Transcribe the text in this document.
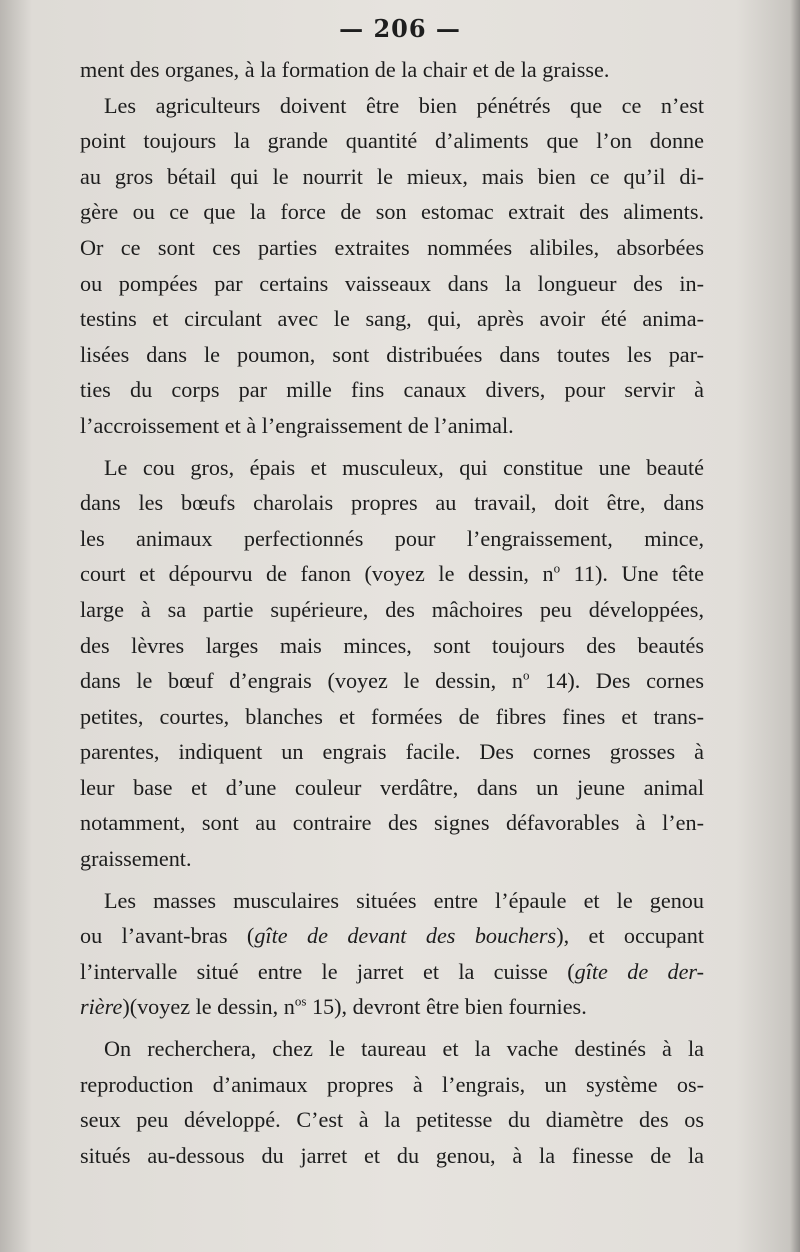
— 206 —
ment des organes, à la formation de la chair et de la graisse.
Les agriculteurs doivent être bien pénétrés que ce n’est
point toujours la grande quantité d’aliments que l’on donne
au gros bétail qui le nourrit le mieux, mais bien ce qu’il di-
gère ou ce que la force de son estomac extrait des aliments.
Or ce sont ces parties extraites nommées alibiles, absorbées
ou pompées par certains vaisseaux dans la longueur des in-
testins et circulant avec le sang, qui, après avoir été anima-
lisées dans le poumon, sont distribuées dans toutes les par-
ties du corps par mille fins canaux divers, pour servir à
l’accroissement et à l’engraissement de l’animal.
Le cou gros, épais et musculeux, qui constitue une beauté
dans les bœufs charolais propres au travail, doit être, dans
les animaux perfectionnés pour l’engraissement, mince,
court et dépourvu de fanon (voyez le dessin, $n^o$ 11). Une tête
large à sa partie supérieure, des mâchoires peu développées,
des lèvres larges mais minces, sont toujours des beautés
dans le bœuf d’engrais (voyez le dessin, $n^o$ 14). Des cornes
petites, courtes, blanches et formées de fibres fines et trans-
parentes, indiquent un engrais facile. Des cornes grosses à
leur base et d’une couleur verdâtre, dans un jeune animal
notamment, sont au contraire des signes défavorables à l’en-
graissement.
Les masses musculaires situées entre l’épaule et le genou
ou l’avant-bras (gîte de devant des bouchers), et occupant
l’intervalle situé entre le jarret et la cuisse (gîte de der-
rière)(voyez le dessin, $n^{os}$ 15), devront être bien fournies.
On recherchera, chez le taureau et la vache destinés à la
reproduction d’animaux propres à l’engrais, un système os-
seux peu développé. C’est à la petitesse du diamètre des os
situés au-dessous du jarret et du genou, à la finesse de la
